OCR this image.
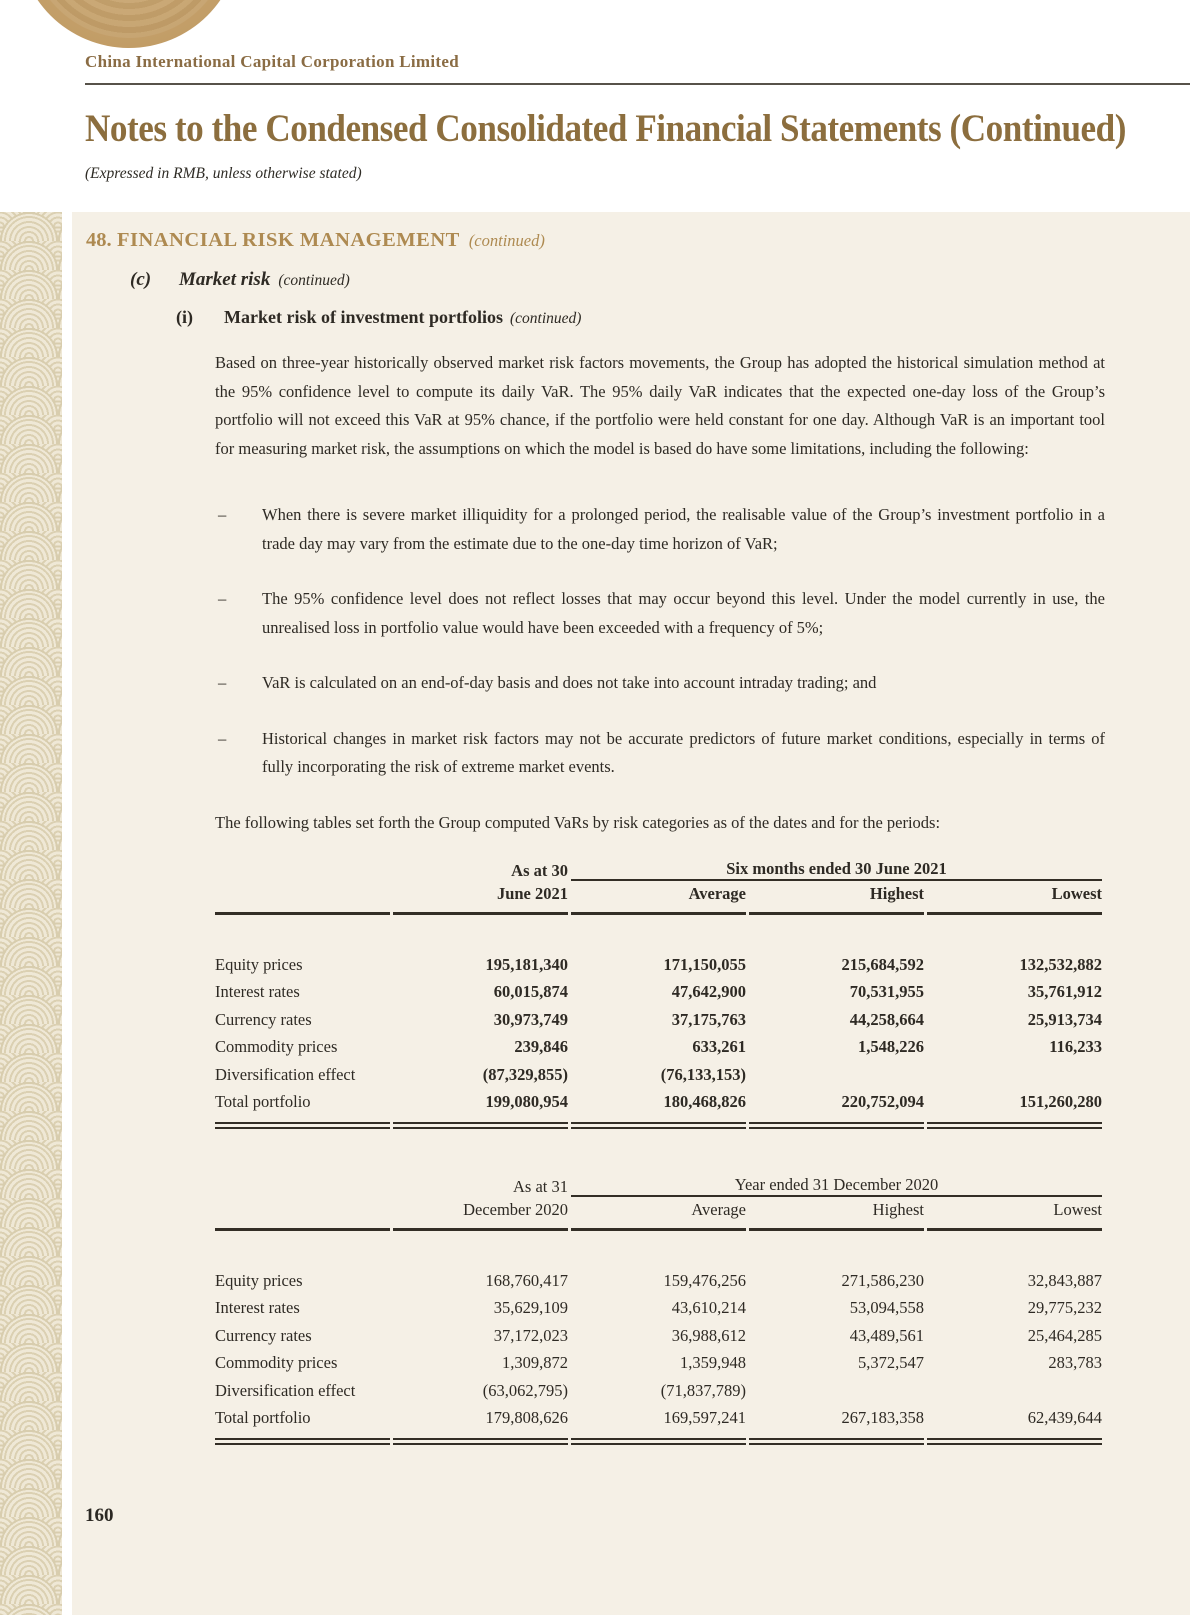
China International Capital Corporation Limited
Notes to the Condensed Consolidated Financial Statements (Continued)
(Expressed in RMB, unless otherwise stated)
48. FINANCIAL RISK MANAGEMENT (continued)
(c) Market risk (continued)
(i) Market risk of investment portfolios (continued)

Based on three-year historically observed market risk factors movements, the Group has adopted the historical simulation method at the 95% confidence level to compute its daily VaR. The 95% daily VaR indicates that the expected one-day loss of the Group’s portfolio will not exceed this VaR at 95% chance, if the portfolio were held constant for one day. Although VaR is an important tool for measuring market risk, the assumptions on which the model is based do have some limitations, including the following:

–	When there is severe market illiquidity for a prolonged period, the realisable value of the Group’s investment portfolio in a trade day may vary from the estimate due to the one-day time horizon of VaR;
–	The 95% confidence level does not reflect losses that may occur beyond this level. Under the model currently in use, the unrealised loss in portfolio value would have been exceeded with a frequency of 5%;
–	VaR is calculated on an end-of-day basis and does not take into account intraday trading; and
–	Historical changes in market risk factors may not be accurate predictors of future market conditions, especially in terms of fully incorporating the risk of extreme market events.

The following tables set forth the Group computed VaRs by risk categories as of the dates and for the periods:

	As at 30	Six months ended 30 June 2021		
	June 2021	Average	Highest	Lowest

Equity prices	195,181,340	171,150,055	215,684,592	132,532,882
Interest rates	60,015,874	47,642,900	70,531,955	35,761,912
Currency rates	30,973,749	37,175,763	44,258,664	25,913,734
Commodity prices	239,846	633,261	1,548,226	116,233
Diversification effect	(87,329,855)	(76,133,153)		
Total portfolio	199,080,954	180,468,826	220,752,094	151,260,280
	As at 31	Year ended 31 December 2020		
	December 2020	Average	Highest	Lowest

Equity prices	168,760,417	159,476,256	271,586,230	32,843,887
Interest rates	35,629,109	43,610,214	53,094,558	29,775,232
Currency rates	37,172,023	36,988,612	43,489,561	25,464,285
Commodity prices	1,309,872	1,359,948	5,372,547	283,783
Diversification effect	(63,062,795)	(71,837,789)		
Total portfolio	179,808,626	169,597,241	267,183,358	62,439,644
160
